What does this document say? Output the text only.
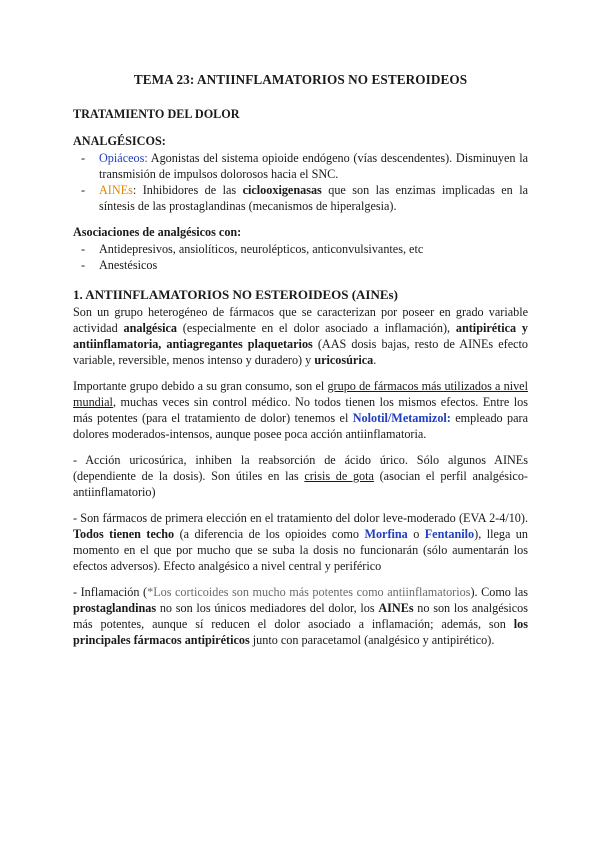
TEMA 23: ANTIINFLAMATORIOS NO ESTEROIDEOS
TRATAMIENTO DEL DOLOR
ANALGÉSICOS:
- Opiáceos: Agonistas del sistema opioide endógeno (vías descendentes). Disminuyen la transmisión de impulsos dolorosos hacia el SNC.
- AINEs: Inhibidores de las ciclooxigenasas que son las enzimas implicadas en la síntesis de las prostaglandinas (mecanismos de hiperalgesia).
Asociaciones de analgésicos con:
- Antidepresivos, ansiolíticos, neurolépticos, anticonvulsivantes, etc
- Anestésicos
1. ANTIINFLAMATORIOS NO ESTEROIDEOS (AINEs)

Son un grupo heterogéneo de fármacos que se caracterizan por poseer en grado variable actividad analgésica (especialmente en el dolor asociado a inflamación), antipirética y antiinflamatoria, antiagregantes plaquetarios (AAS dosis bajas, resto de AINEs efecto variable, reversible, menos intenso y duradero) y uricosúrica.

Importante grupo debido a su gran consumo, son el grupo de fármacos más utilizados a nivel mundial, muchas veces sin control médico. No todos tienen los mismos efectos. Entre los más potentes (para el tratamiento de dolor) tenemos el Nolotil/Metamizol: empleado para dolores moderados-intensos, aunque posee poca acción antiinflamatoria.

- Acción uricosúrica, inhiben la reabsorción de ácido úrico. Sólo algunos AINEs (dependiente de la dosis). Son útiles en las crisis de gota (asocian el perfil analgésico-antiinflamatorio)

- Son fármacos de primera elección en el tratamiento del dolor leve-moderado (EVA 2-4/10). Todos tienen techo (a diferencia de los opioides como Morfina o Fentanilo), llega un momento en el que por mucho que se suba la dosis no funcionarán (sólo aumentarán los efectos adversos). Efecto analgésico a nivel central y periférico

- Inflamación (*Los corticoides son mucho más potentes como antiinflamatorios). Como las prostaglandinas no son los únicos mediadores del dolor, los AINEs no son los analgésicos más potentes, aunque sí reducen el dolor asociado a inflamación; además, son los principales fármacos antipiréticos junto con paracetamol (analgésico y antipirético).
